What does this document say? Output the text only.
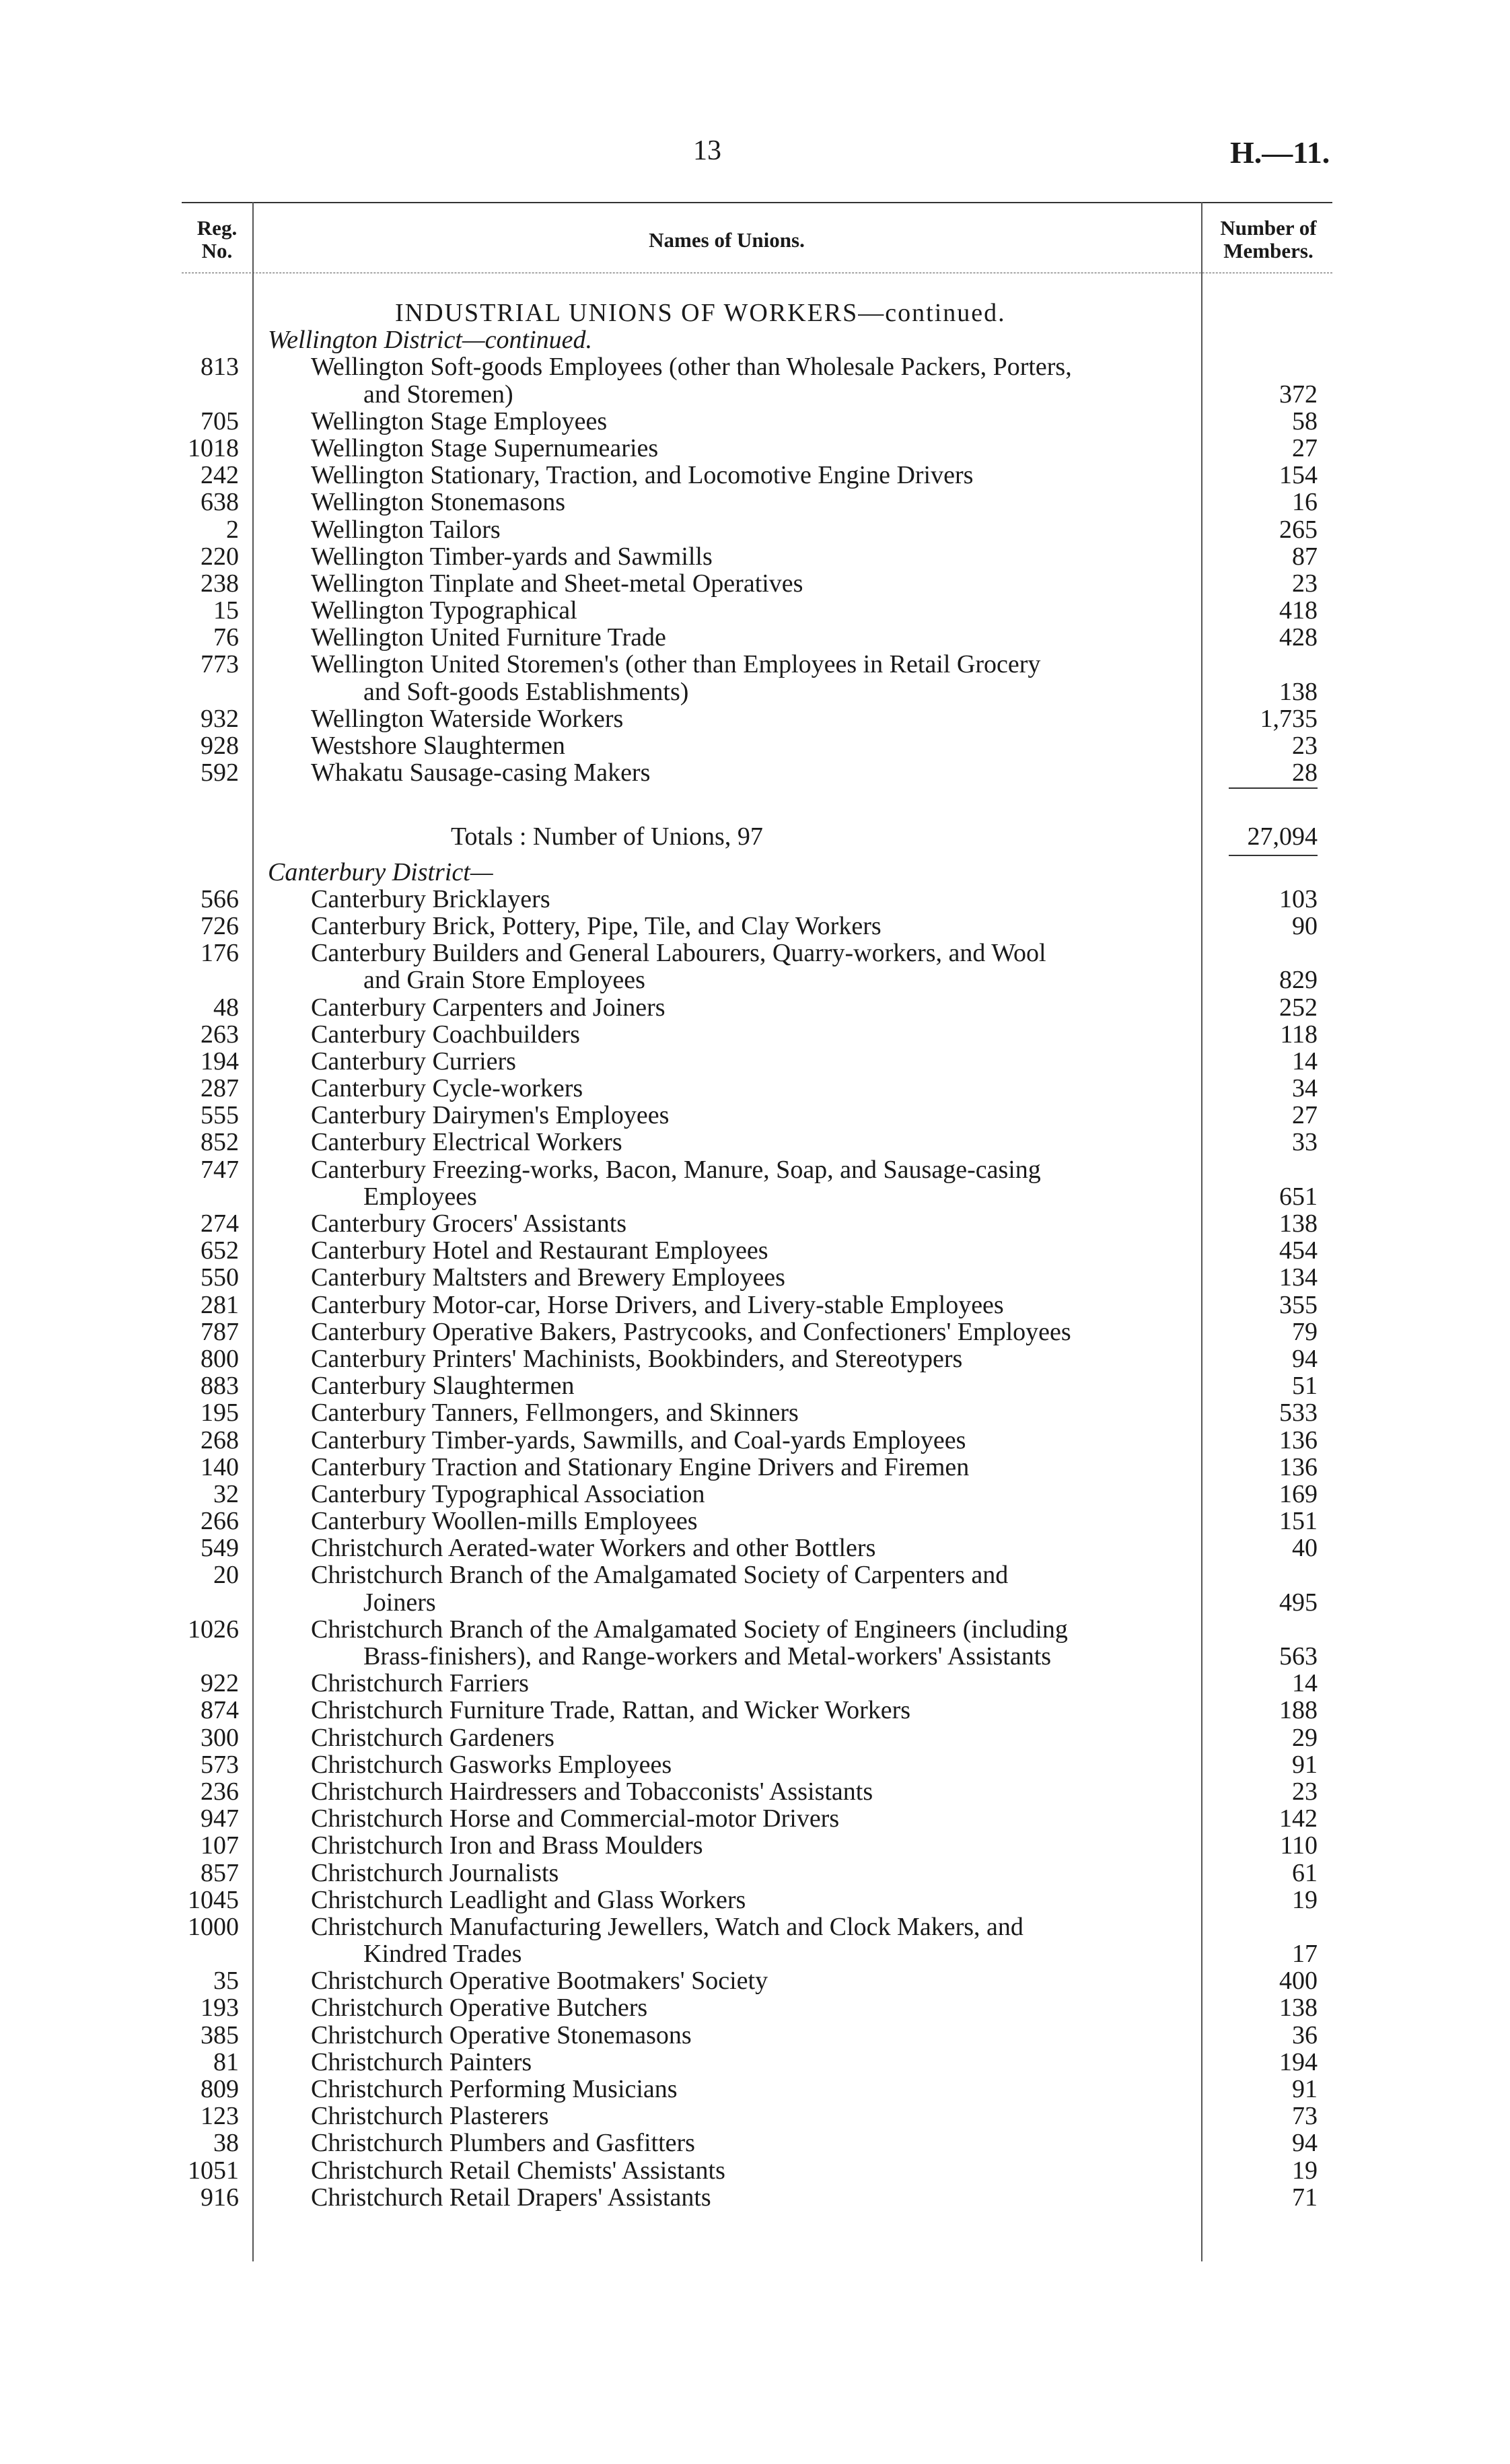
13	H.—11.
Reg.
No.	Names of Unions.
Number of
Members.
INDUSTRIAL UNIONS OF WORKERS—continued.
Wellington District—continued.
813	Wellington Soft-goods Employees (other than Wholesale Packers, Porters,
and Storemen)	372
705	Wellington Stage Employees	58
1018	Wellington Stage Supernumearies	27
242	Wellington Stationary, Traction, and Locomotive Engine Drivers	154
638	Wellington Stonemasons	16
2	Wellington Tailors	265
220	Wellington Timber-yards and Sawmills	87
238	Wellington Tinplate and Sheet-metal Operatives	23
15	Wellington Typographical	418
76	Wellington United Furniture Trade	428
773	Wellington United Storemen's (other than Employees in Retail Grocery
and Soft-goods Establishments)	138
932	Wellington Waterside Workers	1,735
928	Westshore Slaughtermen	23
592	Whakatu Sausage-casing Makers	28
Totals : Number of Unions, 97	27,094
Canterbury District—
566	Canterbury Bricklayers	103
726	Canterbury Brick, Pottery, Pipe, Tile, and Clay Workers	90
176	Canterbury Builders and General Labourers, Quarry-workers, and Wool
and Grain Store Employees	829
48	Canterbury Carpenters and Joiners	252
263	Canterbury Coachbuilders	118
194	Canterbury Curriers	14
287	Canterbury Cycle-workers	34
555	Canterbury Dairymen's Employees	27
852	Canterbury Electrical Workers	33
747	Canterbury Freezing-works, Bacon, Manure, Soap, and Sausage-casing
Employees	651
274	Canterbury Grocers' Assistants	138
652	Canterbury Hotel and Restaurant Employees	454
550	Canterbury Maltsters and Brewery Employees	134
281	Canterbury Motor-car, Horse Drivers, and Livery-stable Employees	355
787	Canterbury Operative Bakers, Pastrycooks, and Confectioners' Employees	79
800	Canterbury Printers' Machinists, Bookbinders, and Stereotypers	94
883	Canterbury Slaughtermen	51
195	Canterbury Tanners, Fellmongers, and Skinners	533
268	Canterbury Timber-yards, Sawmills, and Coal-yards Employees	136
140	Canterbury Traction and Stationary Engine Drivers and Firemen	136
32	Canterbury Typographical Association	169
266	Canterbury Woollen-mills Employees	151
549	Christchurch Aerated-water Workers and other Bottlers	40
20	Christchurch Branch of the Amalgamated Society of Carpenters and
Joiners	495
1026	Christchurch Branch of the Amalgamated Society of Engineers (including
Brass-finishers), and Range-workers and Metal-workers' Assistants	563
922	Christchurch Farriers	14
874	Christchurch Furniture Trade, Rattan, and Wicker Workers	188
300	Christchurch Gardeners	29
573	Christchurch Gasworks Employees	91
236	Christchurch Hairdressers and Tobacconists' Assistants	23
947	Christchurch Horse and Commercial-motor Drivers	142
107	Christchurch Iron and Brass Moulders	110
857	Christchurch Journalists	61
1045	Christchurch Leadlight and Glass Workers	19
1000	Christchurch Manufacturing Jewellers, Watch and Clock Makers, and
Kindred Trades	17
35	Christchurch Operative Bootmakers' Society	400
193	Christchurch Operative Butchers	138
385	Christchurch Operative Stonemasons	36
81	Christchurch Painters	194
809	Christchurch Performing Musicians	91
123	Christchurch Plasterers	73
38	Christchurch Plumbers and Gasfitters	94
1051	Christchurch Retail Chemists' Assistants	19
916	Christchurch Retail Drapers' Assistants	71
